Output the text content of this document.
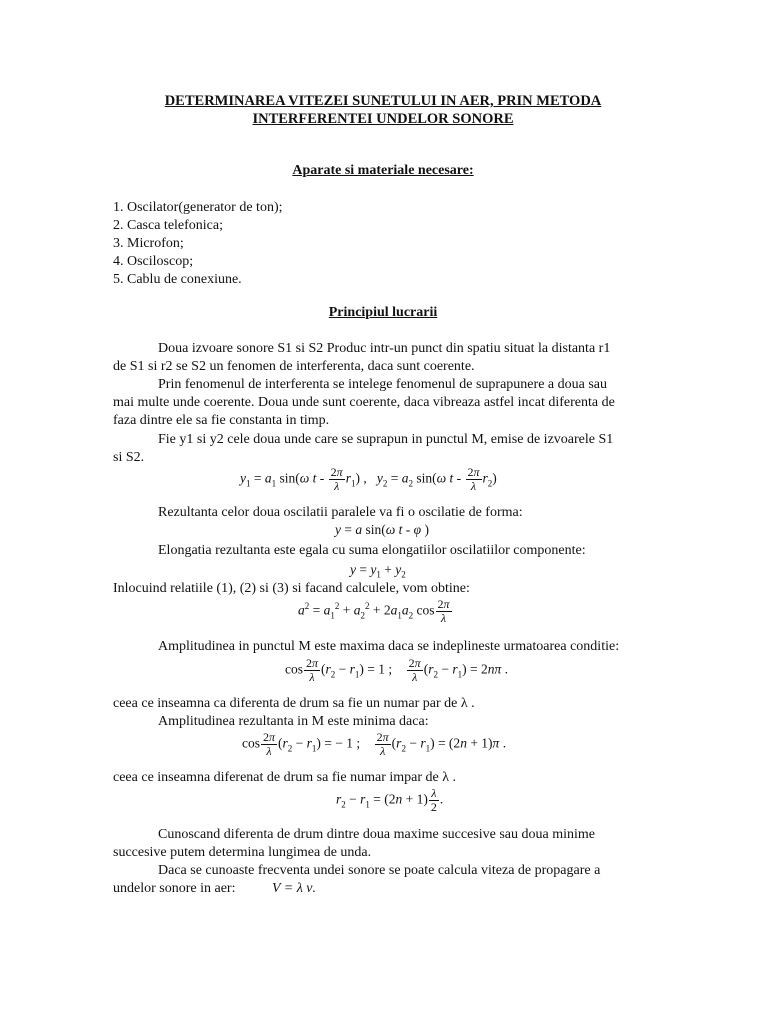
DETERMINAREA VITEZEI SUNETULUI IN AER, PRIN METODA
INTERFERENTEI UNDELOR SONORE
Aparate si materiale necesare:
1. Oscilator(generator de ton);
2. Casca telefonica;
3. Microfon;
4. Osciloscop;
5. Cablu de conexiune.
Principiul lucrarii
Doua izvoare sonore S1 si S2 Produc intr-un punct din spatiu situat la distanta r1
de S1 si r2 se S2 un fenomen de interferenta, daca sunt coerente.
Prin fenomenul de interferenta se intelege fenomenul de suprapunere a doua sau
mai multe unde coerente. Doua unde sunt coerente, daca vibreaza astfel incat diferenta de
faza dintre ele sa fie constanta in timp.
Fie y1 si y2 cele doua unde care se suprapun in punctul M, emise de izvoarele S1
si S2.
$y_1 = a_1$ sin(ω t - $\frac{2\pi}{\lambda} r_1$) ,   $y_2 = a_2$ sin(ω t - $\frac{2\pi}{\lambda} r_2$)
Rezultanta celor doua oscilatii paralele va fi o oscilatie de forma:
y = a sin(ω t - φ )
Elongatia rezultanta este egala cu suma elongatiilor oscilatiilor componente:
$y = y_1 + y_2$
Inlocuind relatiile (1), (2) si (3) si facand calculele, vom obtine:
$a^2 = a_1^2 + a_2^2 + 2a_1a_2$ $\cos \frac{2\pi}{\lambda}$
Amplitudinea in punctul M este maxima daca se indeplineste urmatoarea conditie:
$\cos \frac{2\pi}{\lambda} (r_2 - r_1) = 1$ ; $\frac{2\pi}{\lambda} (r_2 - r_1) = 2n\pi$ .
ceea ce inseamna ca diferenta de drum sa fie un numar par de λ .
Amplitudinea rezultanta in M este minima daca:
$\cos \frac{2\pi}{\lambda} (r_2 - r_1)$ = − 1 ; $\frac{2\pi}{\lambda} (r_2 - r_1) = (2n + 1)\pi$ .
ceea ce inseamna diferenat de drum sa fie numar impar de λ .
$r_2 - r_1 = (2n + 1) \frac{\lambda}{2}$ .
Cunoscand diferenta de drum dintre doua maxime succesive sau doua minime
succesive putem determina lungimea de unda.
Daca se cunoaste frecventa undei sonore se poate calcula viteza de propagare a
undelor sonore in aer:	V = λ ν.
